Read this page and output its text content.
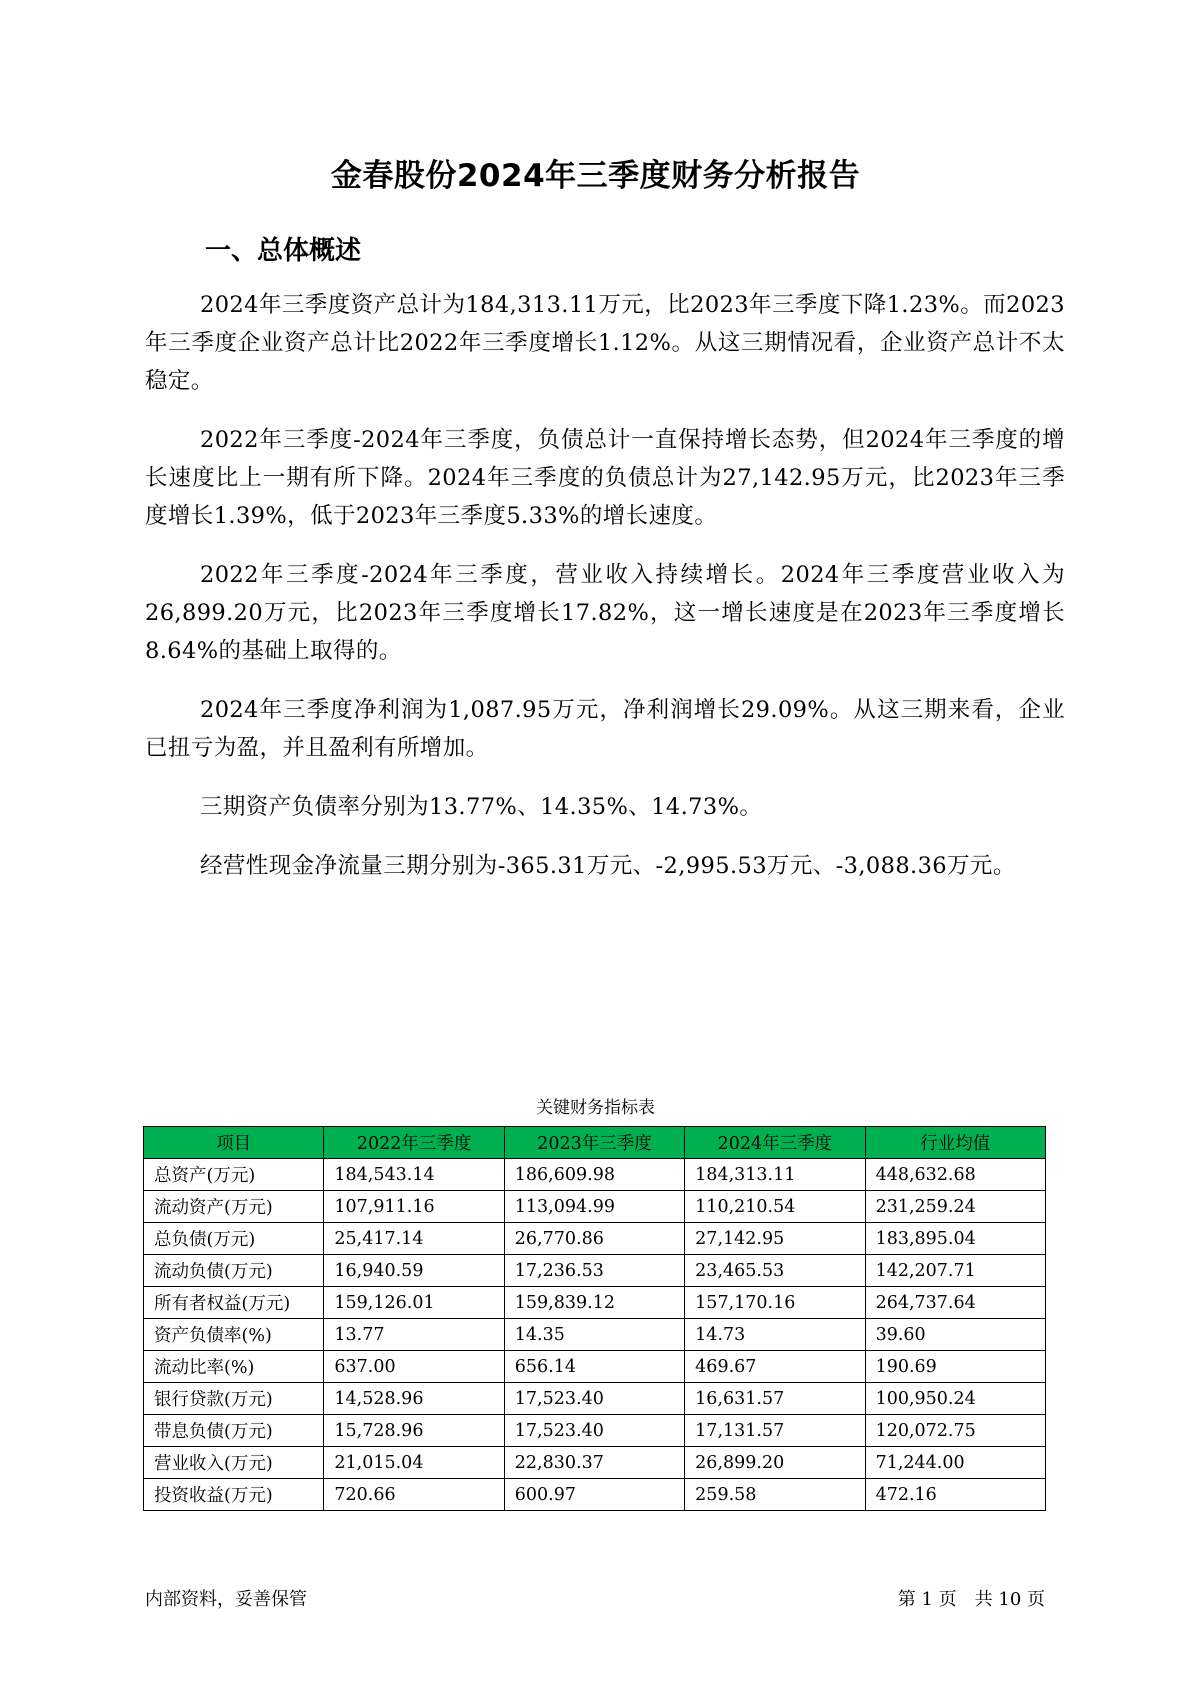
金春股份2024年三季度财务分析报告
一、总体概述

2024年三季度资产总计为184,313.11万元，比2023年三季度下降1.23%。而2023年三季度企业资产总计比2022年三季度增长1.12%。从这三期情况看，企业资产总计不太稳定。

2022年三季度-2024年三季度，负债总计一直保持增长态势，但2024年三季度的增长速度比上一期有所下降。2024年三季度的负债总计为27,142.95万元，比2023年三季度增长1.39%，低于2023年三季度5.33%的增长速度。

2022年三季度-2024年三季度，营业收入持续增长。2024年三季度营业收入为26,899.20万元，比2023年三季度增长17.82%，这一增长速度是在2023年三季度增长8.64%的基础上取得的。

2024年三季度净利润为1,087.95万元，净利润增长29.09%。从这三期来看，企业已扭亏为盈，并且盈利有所增加。

三期资产负债率分别为13.77%、14.35%、14.73%。

经营性现金净流量三期分别为-365.31万元、-2,995.53万元、-3,088.36万元。

关键财务指标表
项目	2022年三季度	2023年三季度	2024年三季度	行业均值
总资产(万元)	184,543.14	186,609.98	184,313.11	448,632.68
流动资产(万元)	107,911.16	113,094.99	110,210.54	231,259.24
总负债(万元)	25,417.14	26,770.86	27,142.95	183,895.04
流动负债(万元)	16,940.59	17,236.53	23,465.53	142,207.71
所有者权益(万元)	159,126.01	159,839.12	157,170.16	264,737.64
资产负债率(%)	13.77	14.35	14.73	39.60
流动比率(%)	637.00	656.14	469.67	190.69
银行贷款(万元)	14,528.96	17,523.40	16,631.57	100,950.24
带息负债(万元)	15,728.96	17,523.40	17,131.57	120,072.75
营业收入(万元)	21,015.04	22,830.37	26,899.20	71,244.00
投资收益(万元)	720.66	600.97	259.58	472.16
内部资料，妥善保管	第 1 页　共 10 页
